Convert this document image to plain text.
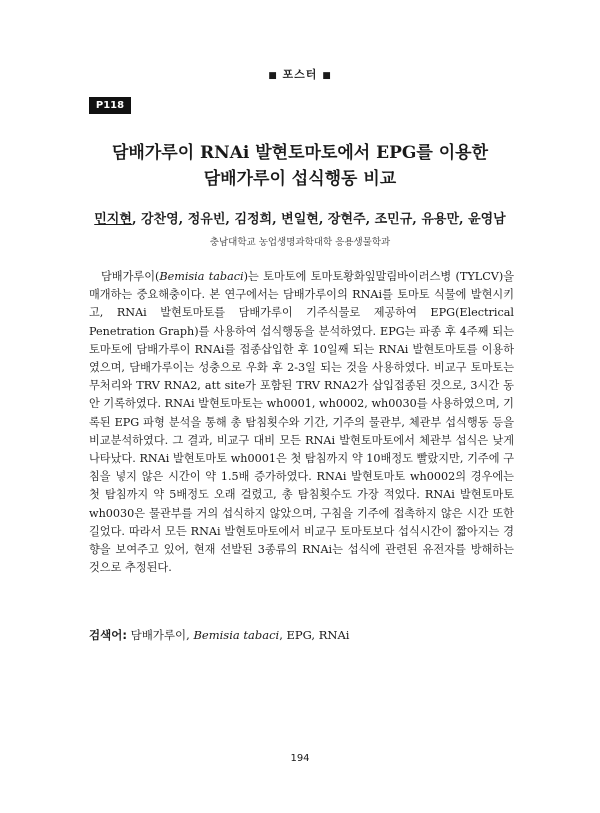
■ 포스터 ■
P118
담배가루이 RNAi 발현토마토에서 EPG를 이용한
담배가루이 섭식행동 비교
민지현, 강찬영, 정유빈, 김정희, 변일현, 장현주, 조민규, 유용만, 윤영남
충남대학교 농업생명과학대학 응용생물학과

담배가루이(Bemisia tabaci)는 토마토에 토마토황화잎말림바이러스병 (TYLCV)을 매개하는 중요해충이다. 본 연구에서는 담배가루이의 RNAi를 토마토 식물에 발현시키고, RNAi 발현토마토를 담배가루이 기주식물로 제공하여 EPG(Electrical Penetration Graph)를 사용하여 섭식행동을 분석하였다. EPG는 파종 후 4주째 되는 토마토에 담배가루이 RNAi를 접종삽입한 후 10일째 되는 RNAi 발현토마토를 이용하였으며, 담배가루이는 성충으로 우화 후 2-3일 되는 것을 사용하였다. 비교구 토마토는 무처리와 TRV RNA2, att site가 포함된 TRV RNA2가 삽입접종된 것으로, 3시간 동안 기록하였다. RNAi 발현토마토는 wh0001, wh0002, wh0030를 사용하였으며, 기록된 EPG 파형 분석을 통해 총 탐침횟수와 기간, 기주의 물관부, 체관부 섭식행동 등을 비교분석하였다. 그 결과, 비교구 대비 모든 RNAi 발현토마토에서 체관부 섭식은 낮게 나타났다. RNAi 발현토마토 wh0001은 첫 탐침까지 약 10배정도 빨랐지만, 기주에 구침을 넣지 않은 시간이 약 1.5배 증가하였다. RNAi 발현토마토 wh0002의 경우에는 첫 탐침까지 약 5배정도 오래 걸렸고, 총 탐침횟수도 가장 적었다. RNAi 발현토마토 wh0030은 물관부를 거의 섭식하지 않았으며, 구침을 기주에 접촉하지 않은 시간 또한 길었다. 따라서 모든 RNAi 발현토마토에서 비교구 토마토보다 섭식시간이 짧아지는 경향을 보여주고 있어, 현재 선발된 3종류의 RNAi는 섭식에 관련된 유전자를 방해하는 것으로 추정된다.

검색어: 담배가루이, Bemisia tabaci, EPG, RNAi
194
